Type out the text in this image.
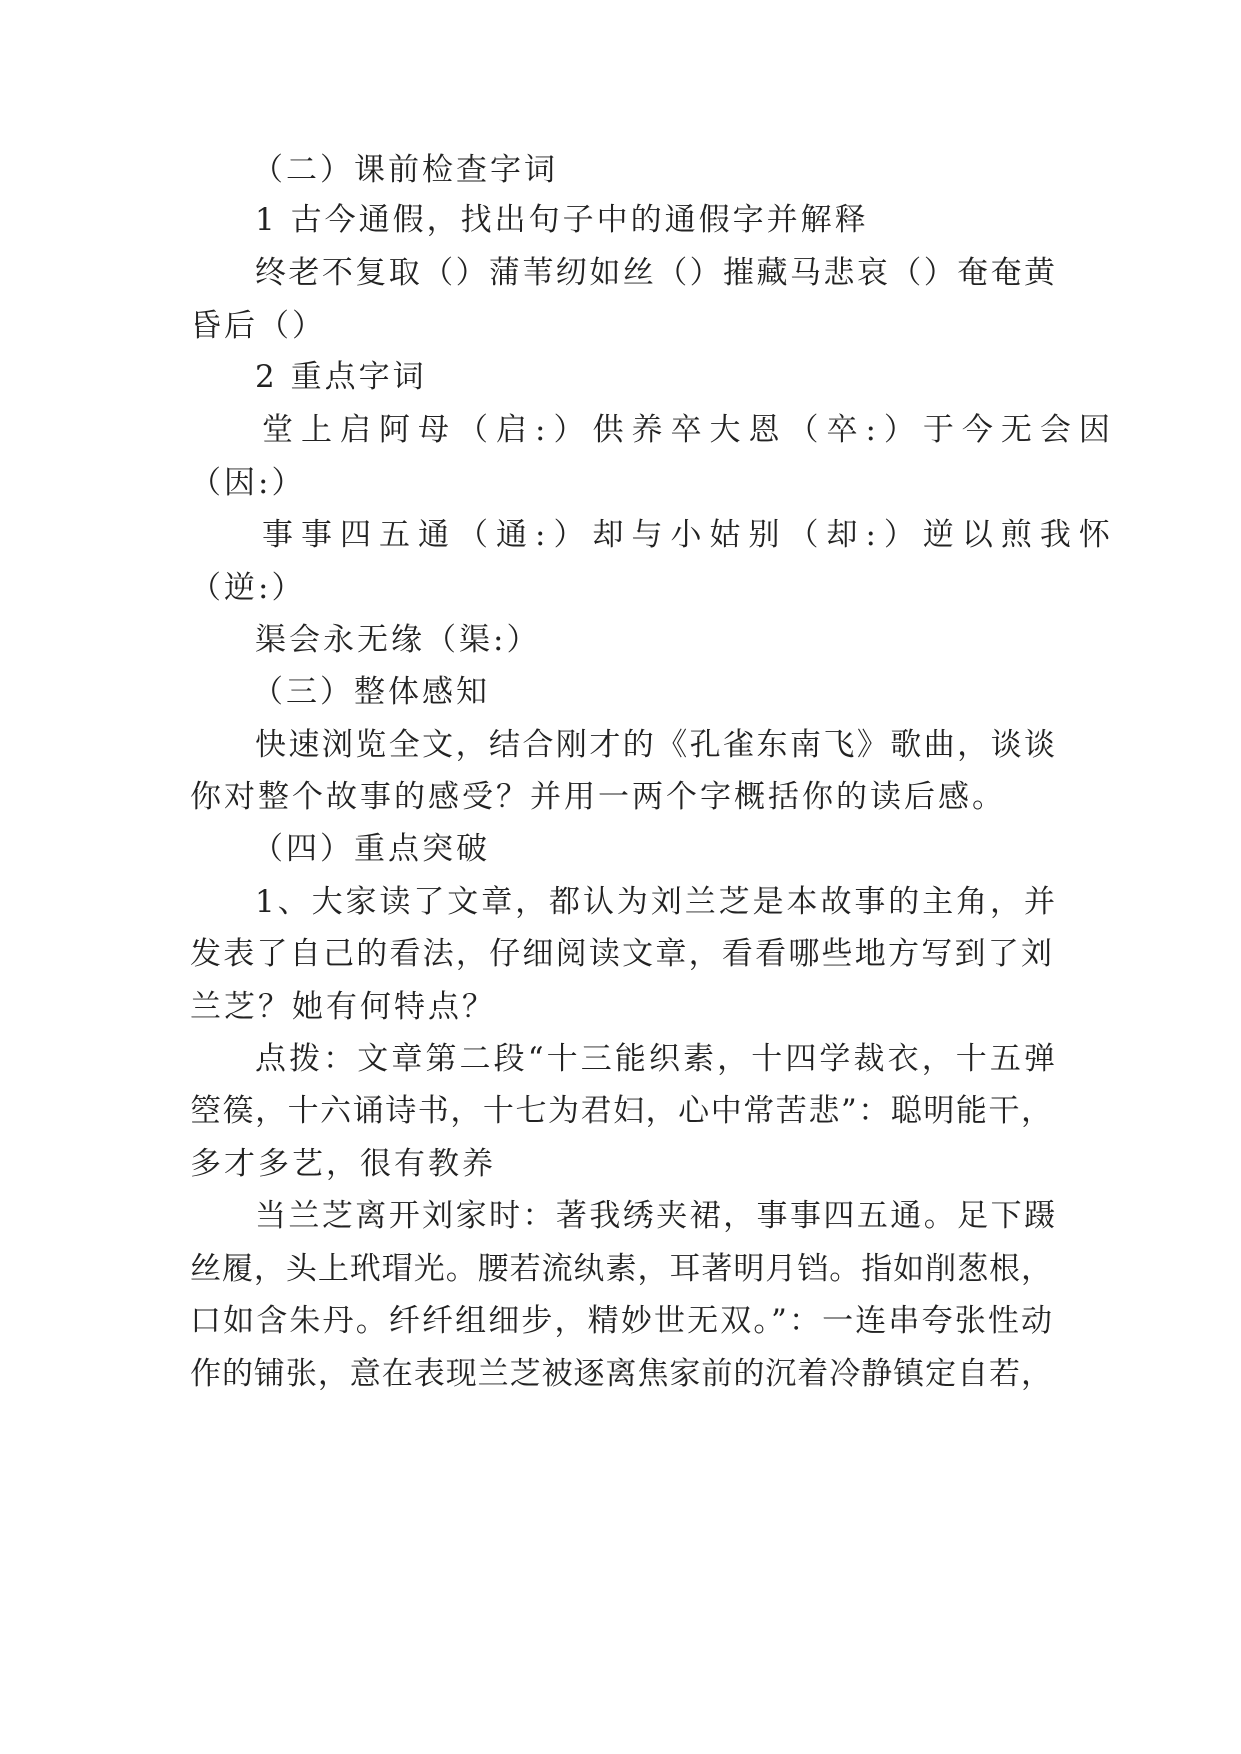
（二）课前检查字词
1 古今通假，找出句子中的通假字并解释
终老不复取（）蒲苇纫如丝（）摧藏马悲哀（）奄奄黄
昏后（）
2 重点字词
堂上启阿母（启:）供养卒大恩（卒:）于今无会因
（因:）
事事四五通（通:）却与小姑别（却:）逆以煎我怀
（逆:）
渠会永无缘（渠:）
（三）整体感知
快速浏览全文，结合刚才的《孔雀东南飞》歌曲，谈谈
你对整个故事的感受？并用一两个字概括你的读后感。
（四）重点突破
1、大家读了文章，都认为刘兰芝是本故事的主角，并
发表了自己的看法，仔细阅读文章，看看哪些地方写到了刘
兰芝？她有何特点？
点拨：文章第二段“十三能织素，十四学裁衣，十五弹
箜篌，十六诵诗书，十七为君妇，心中常苦悲”：聪明能干，
多才多艺，很有教养
当兰芝离开刘家时：著我绣夹裙，事事四五通。足下蹑
丝履，头上玳瑁光。腰若流纨素，耳著明月铛。指如削葱根，
口如含朱丹。纤纤组细步，精妙世无双。”：一连串夸张性动
作的铺张，意在表现兰芝被逐离焦家前的沉着冷静镇定自若，
